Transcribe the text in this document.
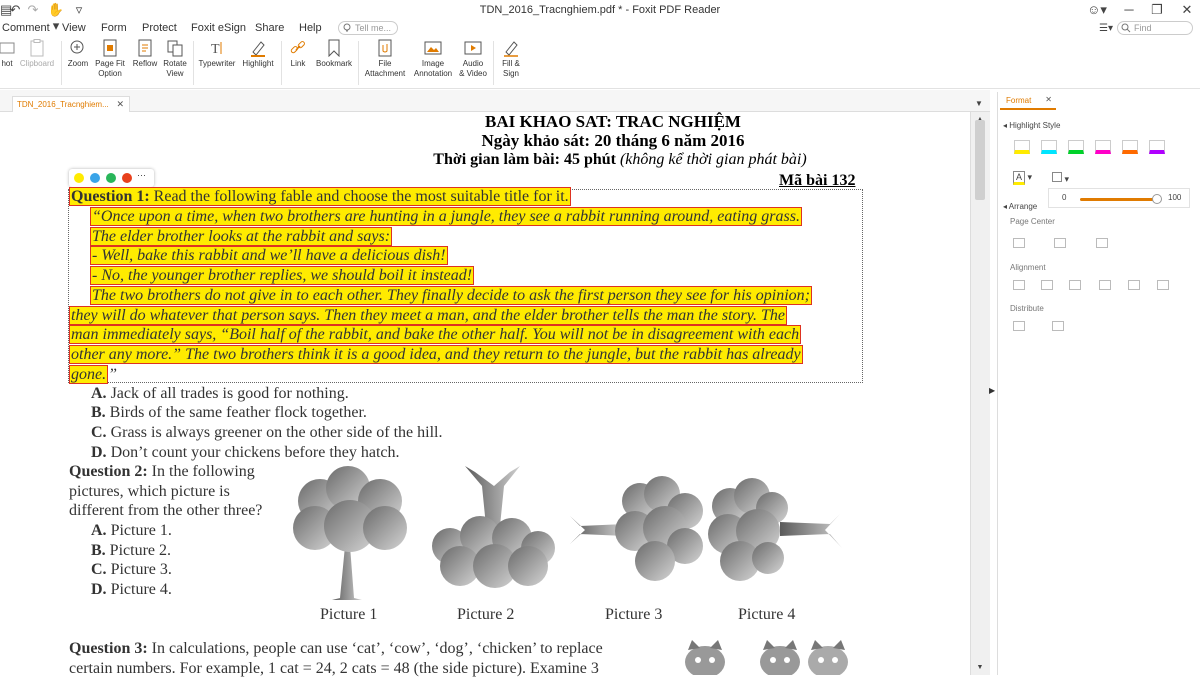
▤
↶ ↷ ✋▾
▿	TDN_2016_Tracnghiem.pdf * - Foxit PDF Reader	☺▾ ─ ❐ ✕
Comment View Form Protect Foxit eSign Share Help	Tell me...	☰▾	Find
hot Clipboard	Zoom Page Fit
Option
Reflow Rotate
View
T
Typewriter Highlight	Link	Bookmark	File
Attachment
Image
Annotation
Audio
& Video
Fill &
Sign
TDN_2016_Tracnghiem... ✕	▼
BAI KHAO SAT: TRAC NGHIỆM
Ngày khảo sát: 20 tháng 6 năm 2016
Thời gian làm bài: 45 phút (không kể thời gian phát bài)
Mã bài 132
···
Question 1: Read the following fable and choose the most suitable title for it.
“Once upon a time, when two brothers are hunting in a jungle, they see a rabbit running around, eating grass.
The elder brother looks at the rabbit and says:
- Well, bake this rabbit and we’ll have a delicious dish!
- No, the younger brother replies, we should boil it instead!
The two brothers do not give in to each other. They finally decide to ask the first person they see for his opinion;
they will do whatever that person says. Then they meet a man, and the elder brother tells the man the story. The
man immediately says, “Boil half of the rabbit, and bake the other half. You will not be in disagreement with each
other any more.” The two brothers think it is a good idea, and they return to the jungle, but the rabbit has already
gone. ”
A. Jack of all trades is good for nothing.
B. Birds of the same feather flock together.
C. Grass is always greener on the other side of the hill.
D. Don’t count your chickens before they hatch.
Question 2: In the following
pictures, which picture is
different from the other three?
A. Picture 1.
B. Picture 2.
C. Picture 3.
D. Picture 4.
Picture 1	Picture 2	Picture 3	Picture 4
Question 3: In calculations, people can use ‘cat’, ‘cow’, ‘dog’, ‘chicken’ to replace
certain numbers. For example, 1 cat = 24, 2 cats = 48 (the side picture). Examine 3	▼
▶
Format ✕
◂ Highlight Style
A ▾	▾
0	100
◂ Arrange
Page Center
Alignment
Distribute
